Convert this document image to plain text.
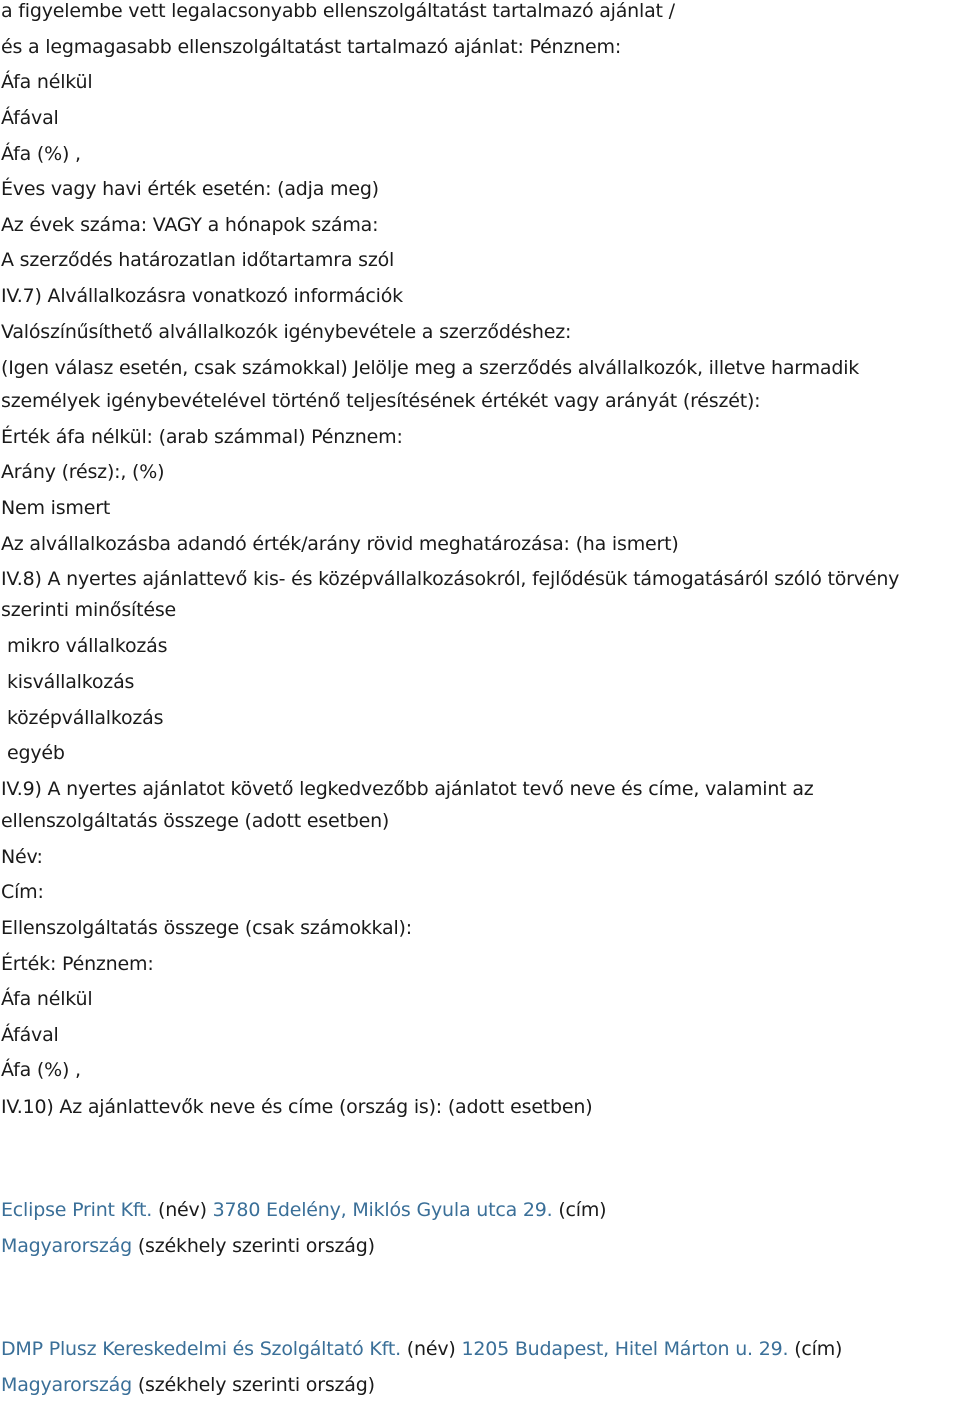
a figyelembe vett legalacsonyabb ellenszolgáltatást tartalmazó ajánlat /
és a legmagasabb ellenszolgáltatást tartalmazó ajánlat: Pénznem:
Áfa nélkül
Áfával
Áfa (%) ,
Éves vagy havi érték esetén: (adja meg)
Az évek száma: VAGY a hónapok száma:
A szerződés határozatlan időtartamra szól
IV.7) Alvállalkozásra vonatkozó információk
Valószínűsíthető alvállalkozók igénybevétele a szerződéshez:
(Igen válasz esetén, csak számokkal) Jelölje meg a szerződés alvállalkozók, illetve harmadik
személyek igénybevételével történő teljesítésének értékét vagy arányát (részét):
Érték áfa nélkül: (arab számmal) Pénznem:
Arány (rész):, (%)
Nem ismert
Az alvállalkozásba adandó érték/arány rövid meghatározása: (ha ismert)
IV.8) A nyertes ajánlattevő kis- és középvállalkozásokról, fejlődésük támogatásáról szóló törvény
szerinti minősítése
mikro vállalkozás
kisvállalkozás
középvállalkozás
egyéb
IV.9) A nyertes ajánlatot követő legkedvezőbb ajánlatot tevő neve és címe, valamint az
ellenszolgáltatás összege (adott esetben)
Név:
Cím:
Ellenszolgáltatás összege (csak számokkal):
Érték: Pénznem:
Áfa nélkül
Áfával
Áfa (%) ,
IV.10) Az ajánlattevők neve és címe (ország is): (adott esetben)
Eclipse Print Kft. (név) 3780 Edelény, Miklós Gyula utca 29. (cím)
Magyarország (székhely szerinti ország)
DMP Plusz Kereskedelmi és Szolgáltató Kft. (név) 1205 Budapest, Hitel Márton u. 29. (cím)
Magyarország (székhely szerinti ország)
